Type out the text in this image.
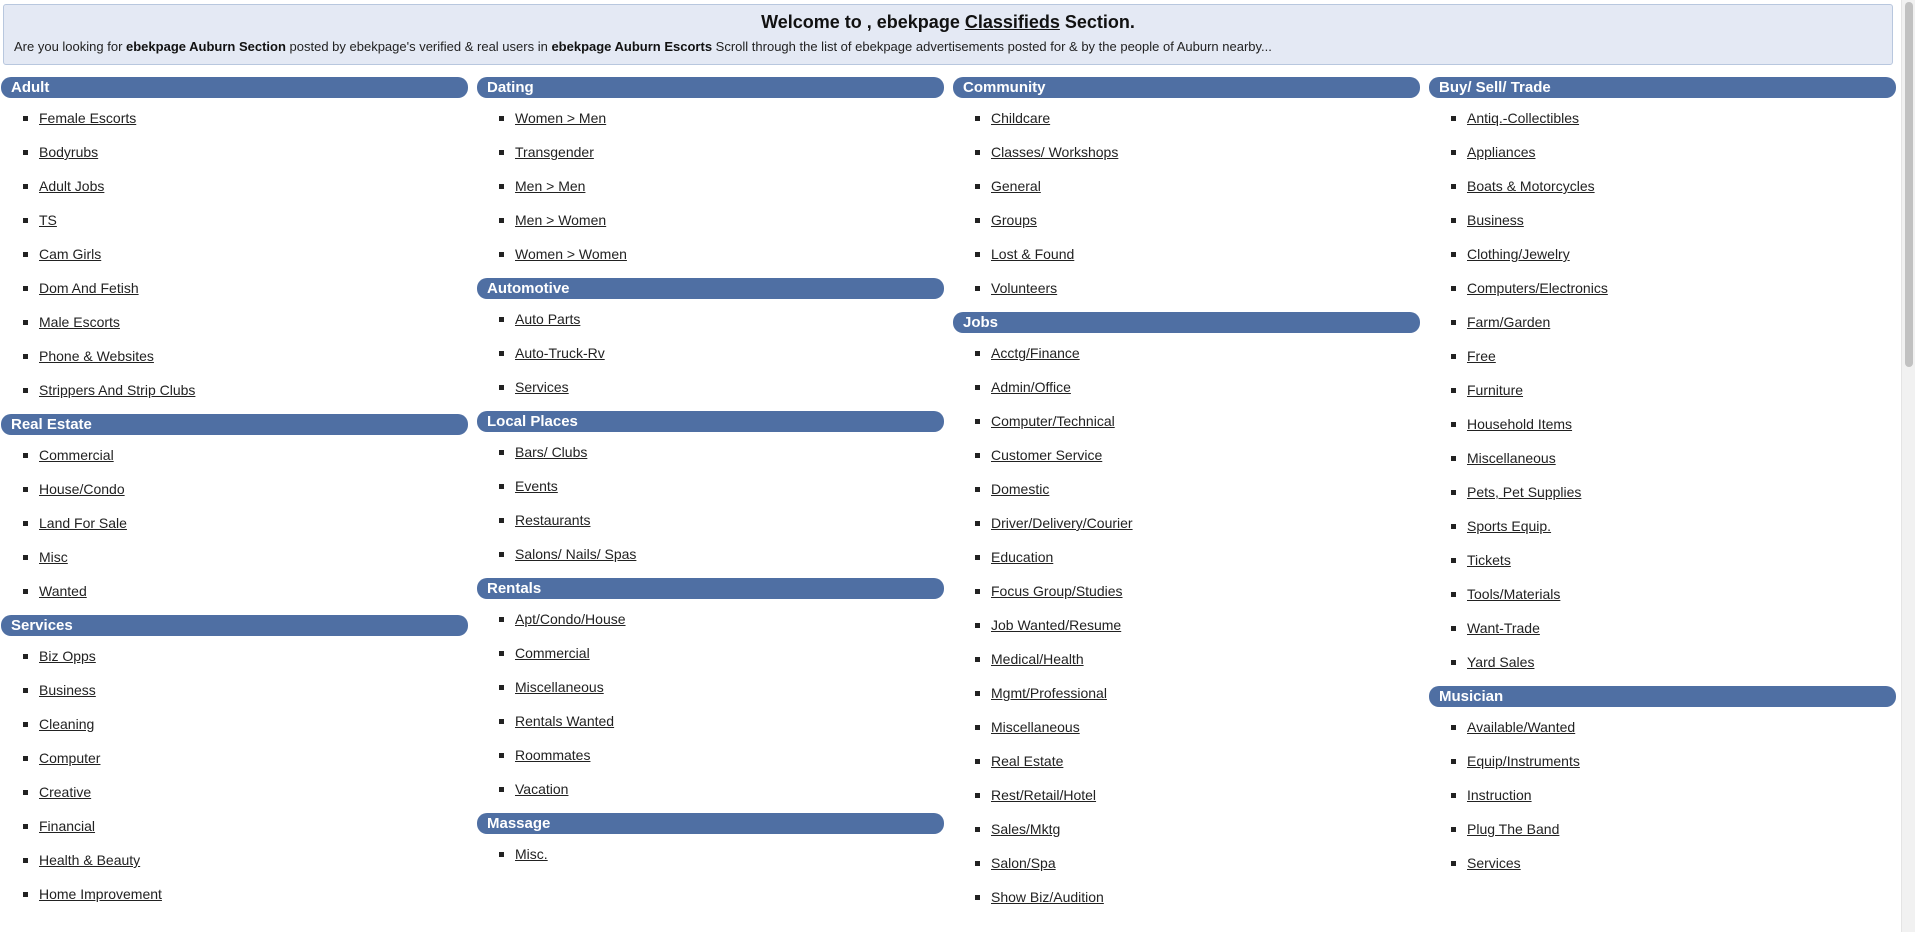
Welcome to , ebekpage Classifieds Section.
Are you looking for ebekpage Auburn Section posted by ebekpage's verified & real users in ebekpage Auburn Escorts Scroll through the list of ebekpage advertisements posted for & by the people of Auburn nearby...
Adult
Female Escorts
Bodyrubs
Adult Jobs
TS
Cam Girls
Dom And Fetish
Male Escorts
Phone & Websites
Strippers And Strip Clubs
Real Estate
Commercial
House/Condo
Land For Sale
Misc
Wanted
Services
Biz Opps
Business
Cleaning
Computer
Creative
Financial
Health & Beauty
Home Improvement
Dating
Women > Men
Transgender
Men > Men
Men > Women
Women > Women
Automotive
Auto Parts
Auto-Truck-Rv
Services
Local Places
Bars/ Clubs
Events
Restaurants
Salons/ Nails/ Spas
Rentals
Apt/Condo/House
Commercial
Miscellaneous
Rentals Wanted
Roommates
Vacation
Massage
Misc.
Community
Childcare
Classes/ Workshops
General
Groups
Lost & Found
Volunteers
Jobs
Acctg/Finance
Admin/Office
Computer/Technical
Customer Service
Domestic
Driver/Delivery/Courier
Education
Focus Group/Studies
Job Wanted/Resume
Medical/Health
Mgmt/Professional
Miscellaneous
Real Estate
Rest/Retail/Hotel
Sales/Mktg
Salon/Spa
Show Biz/Audition
Buy/ Sell/ Trade
Antiq.-Collectibles
Appliances
Boats & Motorcycles
Business
Clothing/Jewelry
Computers/Electronics
Farm/Garden
Free
Furniture
Household Items
Miscellaneous
Pets, Pet Supplies
Sports Equip.
Tickets
Tools/Materials
Want-Trade
Yard Sales
Musician
Available/Wanted
Equip/Instruments
Instruction
Plug The Band
Services
